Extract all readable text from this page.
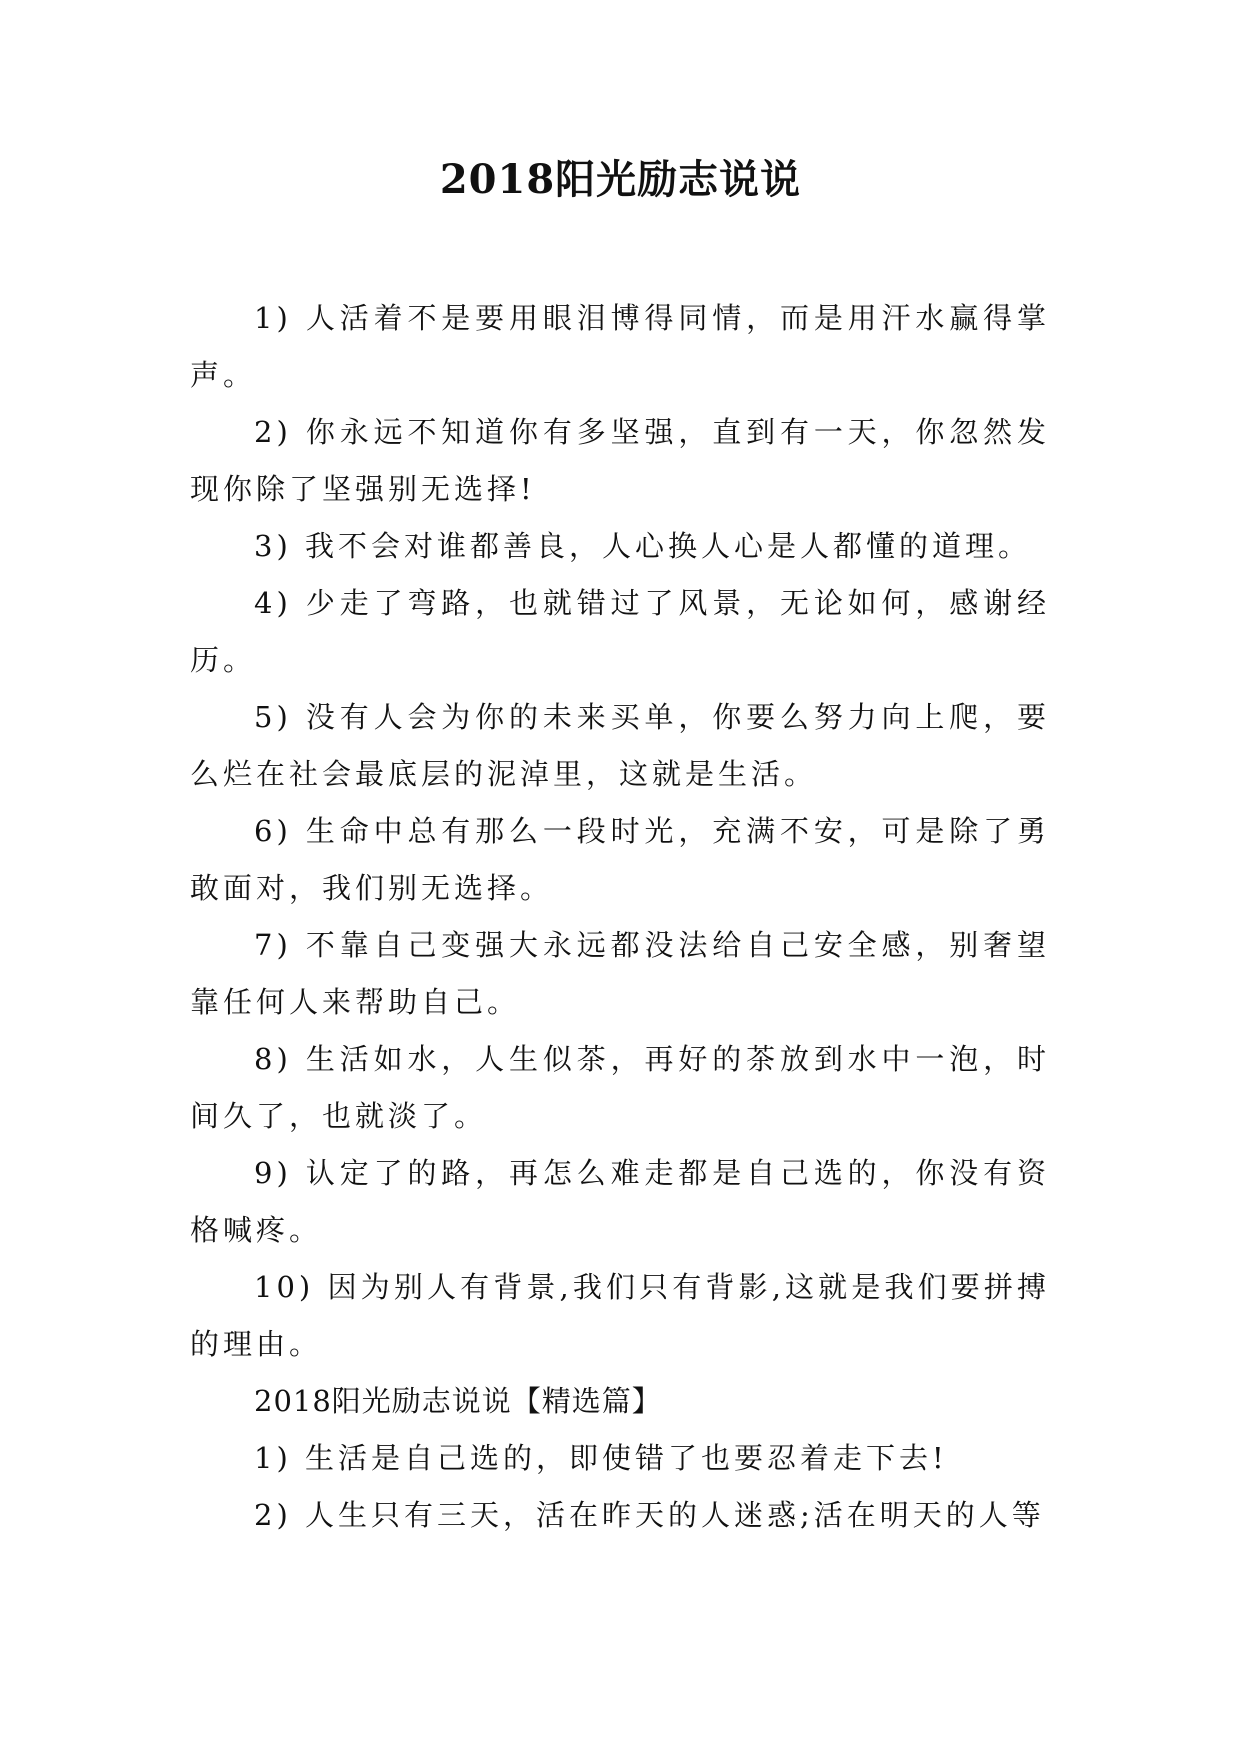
2018阳光励志说说

1) 人活着不是要用眼泪博得同情，而是用汗水赢得掌声。

2) 你永远不知道你有多坚强，直到有一天，你忽然发现你除了坚强别无选择!

3) 我不会对谁都善良，人心换人心是人都懂的道理。

4) 少走了弯路，也就错过了风景，无论如何，感谢经历。

5) 没有人会为你的未来买单，你要么努力向上爬，要么烂在社会最底层的泥淖里，这就是生活。

6) 生命中总有那么一段时光，充满不安，可是除了勇敢面对，我们别无选择。

7) 不靠自己变强大永远都没法给自己安全感，别奢望靠任何人来帮助自己。

8) 生活如水，人生似茶，再好的茶放到水中一泡，时间久了，也就淡了。

9) 认定了的路，再怎么难走都是自己选的，你没有资格喊疼。

10) 因为别人有背景,我们只有背影,这就是我们要拼搏的理由。

2018阳光励志说说【精选篇】

1) 生活是自己选的，即使错了也要忍着走下去!

2) 人生只有三天，活在昨天的人迷惑;活在明天的人等
